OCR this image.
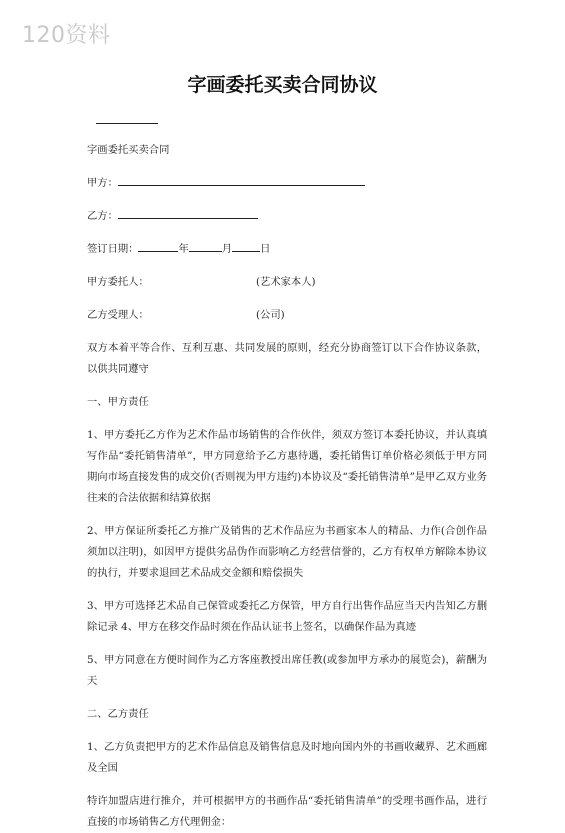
120资料
字画委托买卖合同协议
字画委托买卖合同
甲方：
乙方：
签订日期：	年	月	日
甲方委托人：	(艺术家本人)
乙方受理人：	(公司)
双方本着平等合作、互利互惠、共同发展的原则，经充分协商签订以下合作协议条款，以供共同遵守
一、甲方责任
1、甲方委托乙方作为艺术作品市场销售的合作伙伴，须双方签订本委托协议，并认真填写作品“委托销售清单”，甲方同意给予乙方惠待遇，委托销售订单价格必须低于甲方同期向市场直接发售的成交价(否则视为甲方违约)本协议及“委托销售清单”是甲乙双方业务往来的合法依据和结算依据
2、甲方保证所委托乙方推广及销售的艺术作品应为书画家本人的精品、力作(合创作品须加以注明)，如因甲方提供劣品伪作而影响乙方经营信誉的，乙方有权单方解除本协议的执行，并要求退回艺术品成交金额和赔偿损失
3、甲方可选择艺术品自己保管或委托乙方保管，甲方自行出售作品应当天内告知乙方删除记录 4、甲方在移交作品时须在作品认证书上签名，以确保作品为真迹
5、甲方同意在方便时间作为乙方客座教授出席任教(或参加甲方承办的展览会)，薪酬为天
二、乙方责任
1、乙方负责把甲方的艺术作品信息及销售信息及时地向国内外的书画收藏界、艺术画廊及全国
特许加盟店进行推介，并可根据甲方的书画作品“委托销售清单”的受理书画作品，进行直接的市场销售乙方代理佣金：
